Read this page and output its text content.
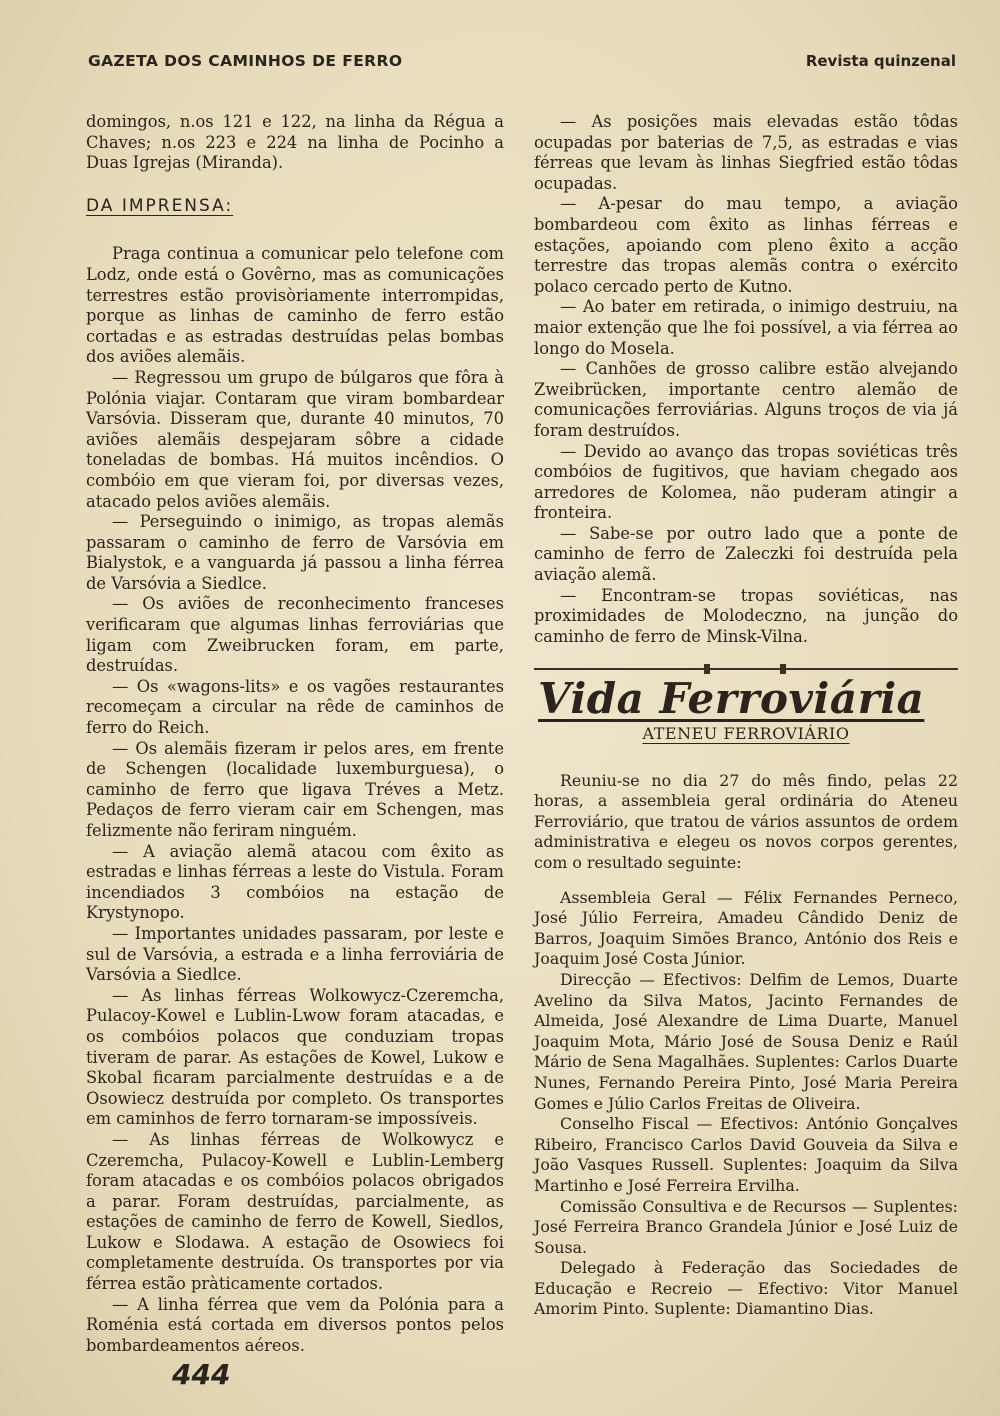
GAZETA DOS CAMINHOS DE FERRO	Revista quinzenal

domingos, n.os 121 e 122, na linha da Régua a Chaves; n.os 223 e 224 na linha de Pocinho a Duas Igrejas (Miranda).

DA IMPRENSA:

Praga continua a comunicar pelo telefone com Lodz, onde está o Govêrno, mas as comunicações terrestres estão provisòriamente interrompidas, porque as linhas de caminho de ferro estão cortadas e as estradas destruídas pelas bombas dos aviões alemãis.

— Regressou um grupo de búlgaros que fôra à Polónia viajar. Contaram que viram bombardear Varsóvia. Disseram que, durante 40 minutos, 70 aviões alemãis despejaram sôbre a cidade toneladas de bombas. Há muitos incêndios. O combóio em que vieram foi, por diversas vezes, atacado pelos aviões alemãis.

— Perseguindo o inimigo, as tropas alemãs passaram o caminho de ferro de Varsóvia em Bialystok, e a vanguarda já passou a linha férrea de Varsóvia a Siedlce.

— Os aviões de reconhecimento franceses verificaram que algumas linhas ferroviárias que ligam com Zweibrucken foram, em parte, destruídas.

— Os «wagons-lits» e os vagões restaurantes recomeçam a circular na rêde de caminhos de ferro do Reich.

— Os alemãis fizeram ir pelos ares, em frente de Schengen (localidade luxemburguesa), o caminho de ferro que ligava Tréves a Metz. Pedaços de ferro vieram cair em Schengen, mas felizmente não feriram ninguém.

— A aviação alemã atacou com êxito as estradas e linhas férreas a leste do Vistula. Foram incendiados 3 combóios na estação de Krystynopo.

— Importantes unidades passaram, por leste e sul de Varsóvia, a estrada e a linha ferroviária de Varsóvia a Siedlce.

— As linhas férreas Wolkowycz-Czeremcha, Pulacoy-Kowel e Lublin-Lwow foram atacadas, e os combóios polacos que conduziam tropas tiveram de parar. As estações de Kowel, Lukow e Skobal ficaram parcialmente destruídas e a de Osowiecz destruída por completo. Os transportes em caminhos de ferro tornaram-se impossíveis.

— As linhas férreas de Wolkowycz e Czeremcha, Pulacoy-Kowell e Lublin-Lemberg foram atacadas e os combóios polacos obrigados a parar. Foram destruídas, parcialmente, as estações de caminho de ferro de Kowell, Siedlos, Lukow e Slodawa. A estação de Osowiecs foi completamente destruída. Os transportes por via férrea estão pràticamente cortados.

— A linha férrea que vem da Polónia para a Roménia está cortada em diversos pontos pelos bombardeamentos aéreos.

— As posições mais elevadas estão tôdas ocupadas por baterias de 7,5, as estradas e vias férreas que levam às linhas Siegfried estão tôdas ocupadas.

— A-pesar do mau tempo, a aviação bombardeou com êxito as linhas férreas e estações, apoiando com pleno êxito a acção terrestre das tropas alemãs contra o exército polaco cercado perto de Kutno.

— Ao bater em retirada, o inimigo destruiu, na maior extenção que lhe foi possível, a via férrea ao longo do Mosela.

— Canhões de grosso calibre estão alvejando Zweibrücken, importante centro alemão de comunicações ferroviárias. Alguns troços de via já foram destruídos.

— Devido ao avanço das tropas soviéticas três combóios de fugitivos, que haviam chegado aos arredores de Kolomea, não puderam atingir a fronteira.

— Sabe-se por outro lado que a ponte de caminho de ferro de Zaleczki foi destruída pela aviação alemã.

— Encontram-se tropas soviéticas, nas proximidades de Molodeczno, na junção do caminho de ferro de Minsk-Vilna.

Vida Ferroviária
ATENEU FERROVIÁRIO

Reuniu-se no dia 27 do mês findo, pelas 22 horas, a assembleia geral ordinária do Ateneu Ferroviário, que tratou de vários assuntos de ordem administrativa e elegeu os novos corpos gerentes, com o resultado seguinte:

Assembleia Geral — Félix Fernandes Perneco, José Júlio Ferreira, Amadeu Cândido Deniz de Barros, Joaquim Simões Branco, António dos Reis e Joaquim José Costa Júnior.

Direcção — Efectivos: Delfim de Lemos, Duarte Avelino da Silva Matos, Jacinto Fernandes de Almeida, José Alexandre de Lima Duarte, Manuel Joaquim Mota, Mário José de Sousa Deniz e Raúl Mário de Sena Magalhães. Suplentes: Carlos Duarte Nunes, Fernando Pereira Pinto, José Maria Pereira Gomes e Júlio Carlos Freitas de Oliveira.

Conselho Fiscal — Efectivos: António Gonçalves Ribeiro, Francisco Carlos David Gouveia da Silva e João Vasques Russell. Suplentes: Joaquim da Silva Martinho e José Ferreira Ervilha.

Comissão Consultiva e de Recursos — Suplentes: José Ferreira Branco Grandela Júnior e José Luiz de Sousa.

Delegado à Federação das Sociedades de Educação e Recreio — Efectivo: Vitor Manuel Amorim Pinto. Suplente: Diamantino Dias.

444
